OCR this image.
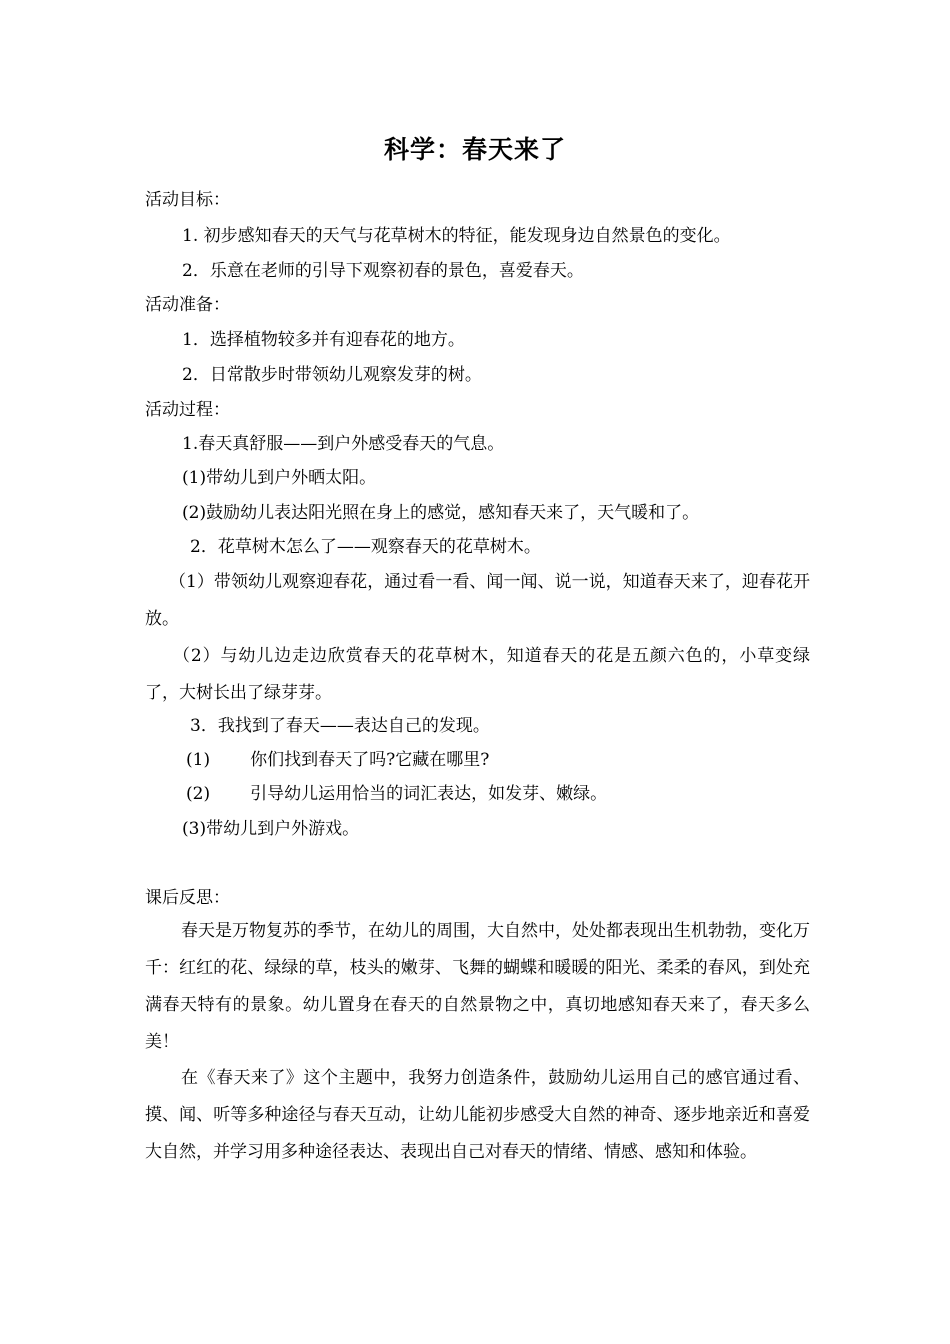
科学：春天来了
活动目标：
1. 初步感知春天的天气与花草树木的特征，能发现身边自然景色的变化。
2．乐意在老师的引导下观察初春的景色，喜爱春天。
活动准备：
1．选择植物较多并有迎春花的地方。
2．日常散步时带领幼儿观察发芽的树。
活动过程：
1.春天真舒服——到户外感受春天的气息。
(1)带幼儿到户外晒太阳。
(2)鼓励幼儿表达阳光照在身上的感觉，感知春天来了，天气暖和了。
2．花草树木怎么了——观察春天的花草树木。
（1）带领幼儿观察迎春花，通过看一看、闻一闻、说一说，知道春天来了，迎春花开放。
（2）与幼儿边走边欣赏春天的花草树木，知道春天的花是五颜六色的，小草变绿了，大树长出了绿芽芽。
3．我找到了春天——表达自己的发现。
(1) 你们找到春天了吗?它藏在哪里?
(2) 引导幼儿运用恰当的词汇表达，如发芽、嫩绿。
(3)带幼儿到户外游戏。
课后反思：
春天是万物复苏的季节，在幼儿的周围，大自然中，处处都表现出生机勃勃，变化万千：红红的花、绿绿的草，枝头的嫩芽、飞舞的蝴蝶和暖暖的阳光、柔柔的春风，到处充满春天特有的景象。幼儿置身在春天的自然景物之中，真切地感知春天来了，春天多么美！
在《春天来了》这个主题中，我努力创造条件，鼓励幼儿运用自己的感官通过看、摸、闻、听等多种途径与春天互动，让幼儿能初步感受大自然的神奇、逐步地亲近和喜爱大自然，并学习用多种途径表达、表现出自己对春天的情绪、情感、感知和体验。
